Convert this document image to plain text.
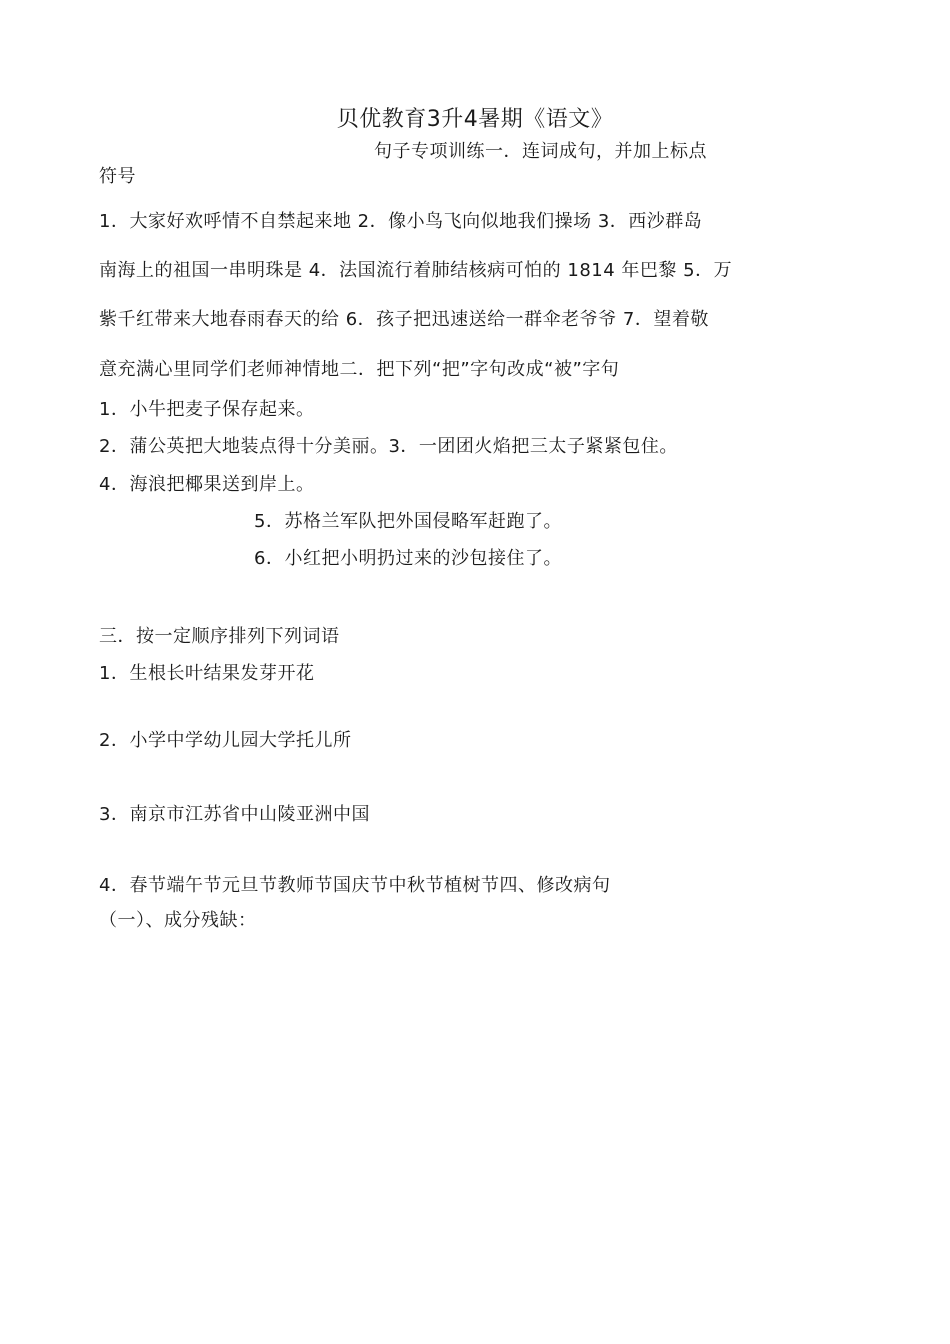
贝优教育3升4暑期《语文》
句子专项训练一．连词成句，并加上标点
符号
1．大家好欢呼情不自禁起来地 2．像小鸟飞向似地我们操场 3．西沙群岛
南海上的祖国一串明珠是 4．法国流行着肺结核病可怕的 1814 年巴黎 5．万
紫千红带来大地春雨春天的给 6．孩子把迅速送给一群伞老爷爷 7．望着敬
意充满心里同学们老师神情地二．把下列“把”字句改成“被”字句
1．小牛把麦子保存起来。
2．蒲公英把大地装点得十分美丽。3．一团团火焰把三太子紧紧包住。
4．海浪把椰果送到岸上。
5．苏格兰军队把外国侵略军赶跑了。
6．小红把小明扔过来的沙包接住了。
三．按一定顺序排列下列词语
1．生根长叶结果发芽开花
2．小学中学幼儿园大学托儿所
3．南京市江苏省中山陵亚洲中国
4．春节端午节元旦节教师节国庆节中秋节植树节四、修改病句
（一）、成分残缺：
